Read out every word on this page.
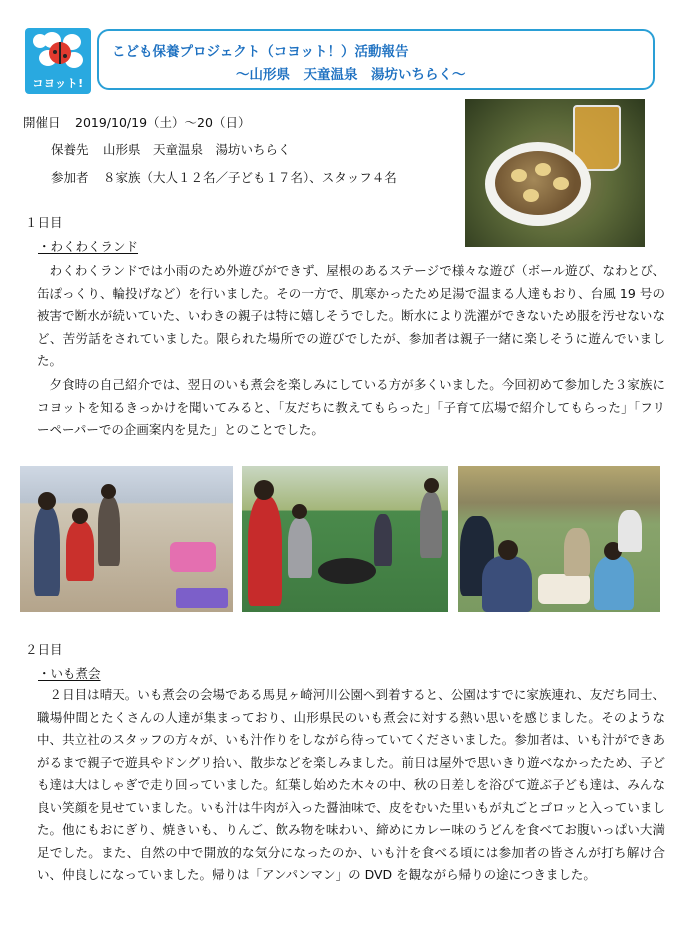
コヨット!
こども保養プロジェクト（コヨット！）活動報告
～山形県　天童温泉　湯坊いちらく～
開催日 2019/10/19（土）～20（日）
保養先 山形県　天童温泉　湯坊いちらく
参加者 ８家族（大人１２名／子ども１７名）、スタッフ４名
１日目
・わくわくランド
　わくわくランドでは小雨のため外遊びができず、屋根のあるステージで様々な遊び（ボール遊び、なわとび、缶ぽっくり、輪投げなど）を行いました。その一方で、肌寒かったため足湯で温まる人達もおり、台風 19 号の被害で断水が続いていた、いわきの親子は特に嬉しそうでした。断水により洗濯ができないため服を汚せないなど、苦労話をされていました。限られた場所での遊びでしたが、参加者は親子一緒に楽しそうに遊んでいました。
　夕食時の自己紹介では、翌日のいも煮会を楽しみにしている方が多くいました。今回初めて参加した３家族にコヨットを知るきっかけを聞いてみると、「友だちに教えてもらった」「子育て広場で紹介してもらった」「フリーペーパーでの企画案内を見た」とのことでした。
２日目
・いも煮会
　２日目は晴天。いも煮会の会場である馬見ヶ崎河川公園へ到着すると、公園はすでに家族連れ、友だち同士、職場仲間とたくさんの人達が集まっており、山形県民のいも煮会に対する熱い思いを感じました。そのような中、共立社のスタッフの方々が、いも汁作りをしながら待っていてくださいました。参加者は、いも汁ができあがるまで親子で遊具やドングリ拾い、散歩などを楽しみました。前日は屋外で思いきり遊べなかったため、子ども達は大はしゃぎで走り回っていました。紅葉し始めた木々の中、秋の日差しを浴びて遊ぶ子ども達は、みんな良い笑顔を見せていました。いも汁は牛肉が入った醤油味で、皮をむいた里いもが丸ごとゴロッと入っていました。他にもおにぎり、焼きいも、りんご、飲み物を味わい、締めにカレー味のうどんを食べてお腹いっぱい大満足でした。また、自然の中で開放的な気分になったのか、いも汁を食べる頃には参加者の皆さんが打ち解け合い、仲良しになっていました。帰りは「アンパンマン」の DVD を観ながら帰りの途につきました。
